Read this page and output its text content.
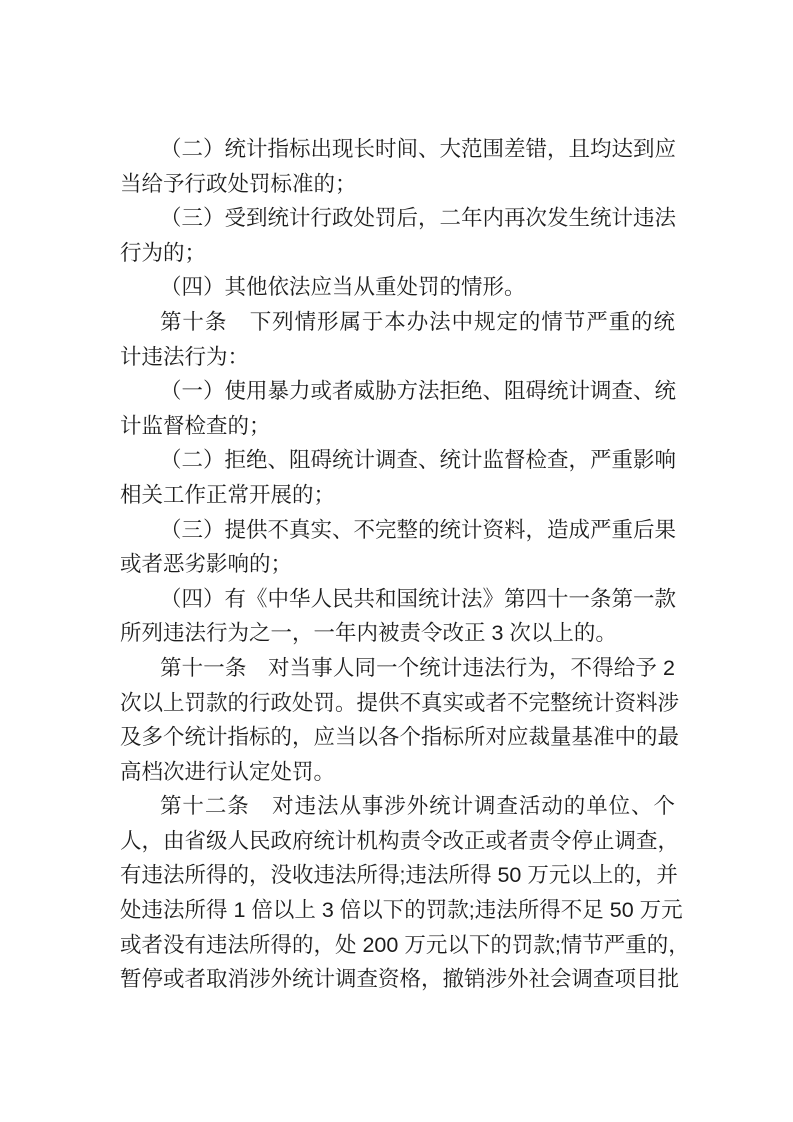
（二）统计指标出现长时间、大范围差错，且均达到应
当给予行政处罚标准的；
（三）受到统计行政处罚后，二年内再次发生统计违法
行为的；
（四）其他依法应当从重处罚的情形。
第十条　下列情形属于本办法中规定的情节严重的统
计违法行为：
（一）使用暴力或者威胁方法拒绝、阻碍统计调查、统
计监督检查的；
（二）拒绝、阻碍统计调查、统计监督检查，严重影响
相关工作正常开展的；
（三）提供不真实、不完整的统计资料，造成严重后果
或者恶劣影响的；
（四）有《中华人民共和国统计法》第四十一条第一款
所列违法行为之一，一年内被责令改正 3 次以上的。
第十一条　对当事人同一个统计违法行为，不得给予 2
次以上罚款的行政处罚。提供不真实或者不完整统计资料涉
及多个统计指标的，应当以各个指标所对应裁量基准中的最
高档次进行认定处罚。
第十二条　对违法从事涉外统计调查活动的单位、个
人，由省级人民政府统计机构责令改正或者责令停止调查，
有违法所得的，没收违法所得;违法所得 50 万元以上的，并
处违法所得 1 倍以上 3 倍以下的罚款;违法所得不足 50 万元
或者没有违法所得的，处 200 万元以下的罚款;情节严重的，
暂停或者取消涉外统计调查资格，撤销涉外社会调查项目批
